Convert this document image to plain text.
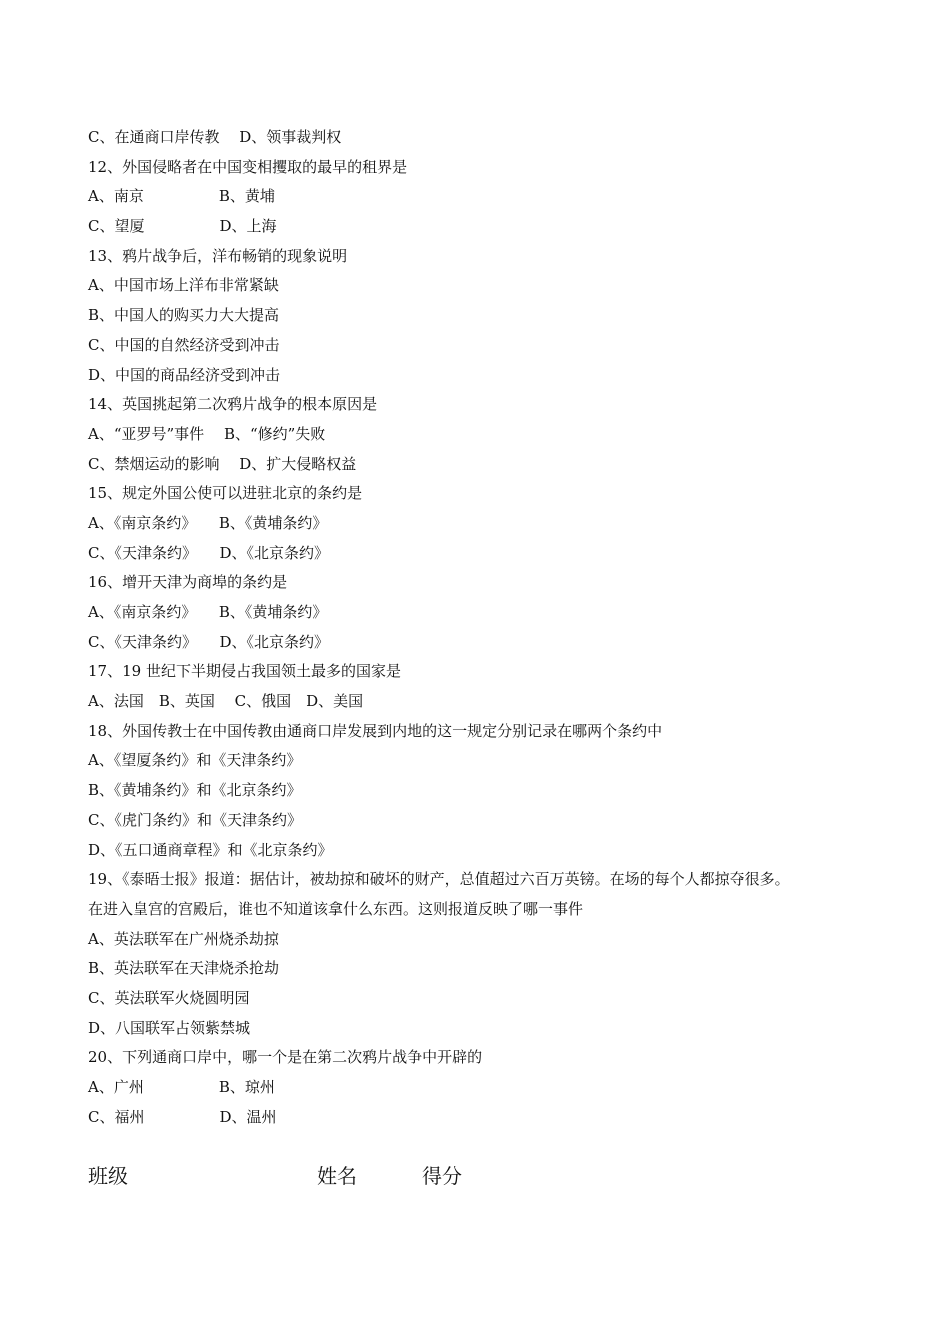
C、在通商口岸传教　 D、领事裁判权
12、外国侵略者在中国变相攫取的最早的租界是
A、南京　　　　　B、黄埔
C、望厦　　　　　D、上海
13、鸦片战争后，洋布畅销的现象说明
A、中国市场上洋布非常紧缺
B、中国人的购买力大大提高
C、中国的自然经济受到冲击
D、中国的商品经济受到冲击
14、英国挑起第二次鸦片战争的根本原因是
A、“亚罗号”事件　 B、“修约”失败
C、禁烟运动的影响　 D、扩大侵略权益
15、规定外国公使可以进驻北京的条约是
A、《南京条约》　　B、《黄埔条约》
C、《天津条约》　　D、《北京条约》
16、增开天津为商埠的条约是
A、《南京条约》　　B、《黄埔条约》
C、《天津条约》　　D、《北京条约》
17、19 世纪下半期侵占我国领土最多的国家是
A、法国　B、英国　 C、俄国　D、美国
18、外国传教士在中国传教由通商口岸发展到内地的这一规定分别记录在哪两个条约中
A、《望厦条约》和《天津条约》
B、《黄埔条约》和《北京条约》
C、《虎门条约》和《天津条约》
D、《五口通商章程》和《北京条约》
19、《泰晤士报》报道：据估计，被劫掠和破坏的财产，总值超过六百万英镑。在场的每个人都掠夺很多。
在进入皇宫的宫殿后，谁也不知道该拿什么东西。这则报道反映了哪一事件
A、英法联军在广州烧杀劫掠
B、英法联军在天津烧杀抢劫
C、英法联军火烧圆明园
D、八国联军占领紫禁城
20、下列通商口岸中，哪一个是在第二次鸦片战争中开辟的
A、广州　　　　　B、琼州
C、福州　　　　　D、温州
班级	姓名	得分
